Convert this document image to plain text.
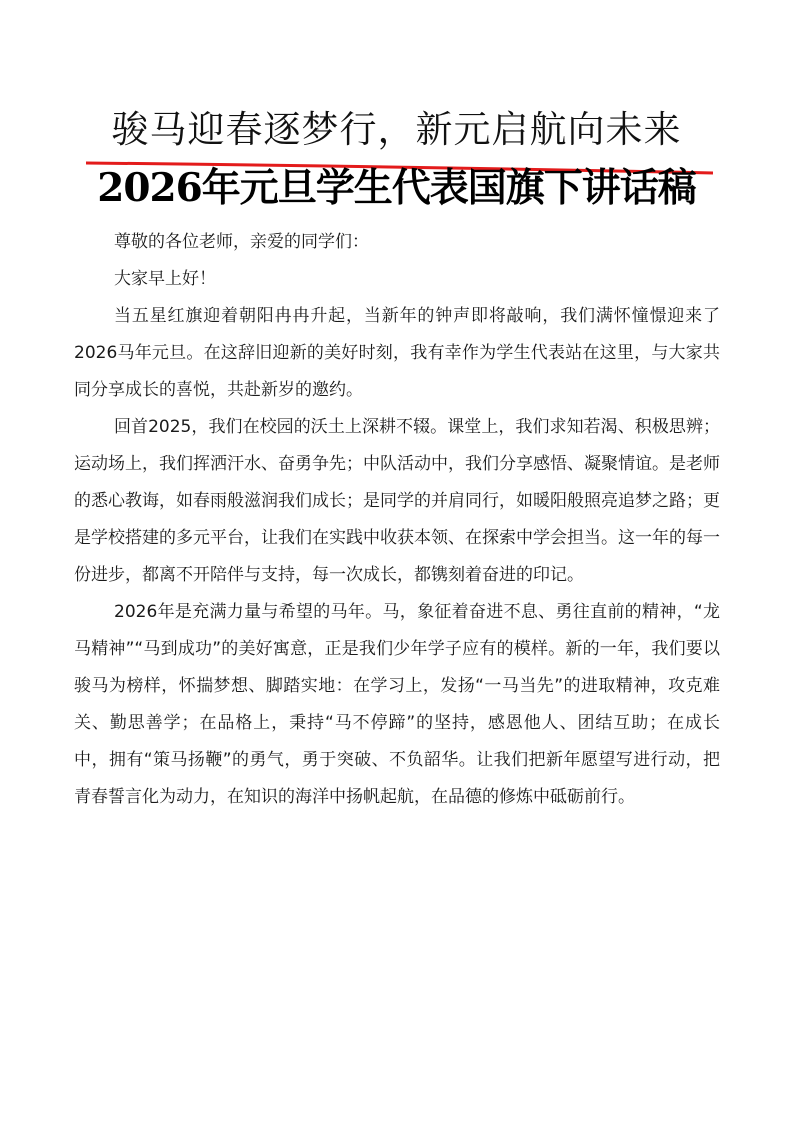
骏马迎春逐梦行，新元启航向未来
2026年元旦学生代表国旗下讲话稿

尊敬的各位老师，亲爱的同学们：

大家早上好！

当五星红旗迎着朝阳冉冉升起，当新年的钟声即将敲响，我们满怀憧憬迎来了2026马年元旦。在这辞旧迎新的美好时刻，我有幸作为学生代表站在这里，与大家共同分享成长的喜悦，共赴新岁的邀约。

回首2025，我们在校园的沃土上深耕不辍。课堂上，我们求知若渴、积极思辨；运动场上，我们挥洒汗水、奋勇争先；中队活动中，我们分享感悟、凝聚情谊。是老师的悉心教诲，如春雨般滋润我们成长；是同学的并肩同行，如暖阳般照亮追梦之路；更是学校搭建的多元平台，让我们在实践中收获本领、在探索中学会担当。这一年的每一份进步，都离不开陪伴与支持，每一次成长，都镌刻着奋进的印记。

2026年是充满力量与希望的马年。马，象征着奋进不息、勇往直前的精神，“龙马精神”“马到成功”的美好寓意，正是我们少年学子应有的模样。新的一年，我们要以骏马为榜样，怀揣梦想、脚踏实地：在学习上，发扬“一马当先”的进取精神，攻克难关、勤思善学；在品格上，秉持“马不停蹄”的坚持，感恩他人、团结互助；在成长中，拥有“策马扬鞭”的勇气，勇于突破、不负韶华。让我们把新年愿望写进行动，把青春誓言化为动力，在知识的海洋中扬帆起航，在品德的修炼中砥砺前行。
